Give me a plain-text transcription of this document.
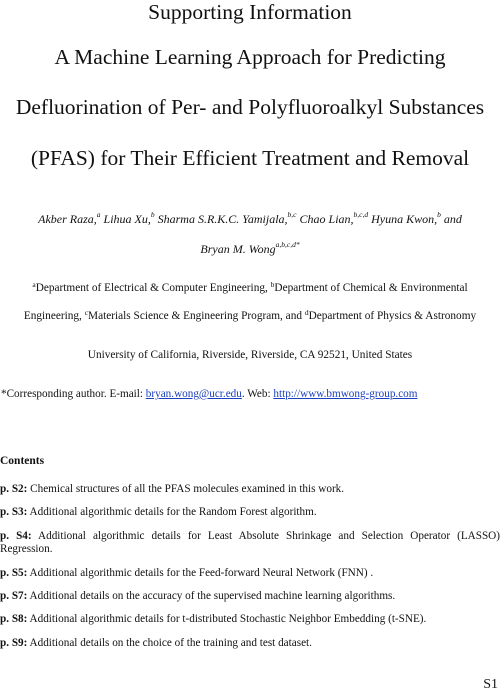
Supporting Information
A Machine Learning Approach for Predicting
Defluorination of Per- and Polyfluoroalkyl Substances
(PFAS) for Their Efficient Treatment and Removal
Akber Raza,$^a$ Lihua Xu,$^b$ Sharma S.R.K.C. Yamijala,$^{b,c}$ Chao Lian,$^{b,c,d}$ Hyuna Kwon,$^b$ and
Bryan M. Wong$^{a,b,c,d*}$
$^a$Department of Electrical & Computer Engineering, $^b$Department of Chemical & Environmental
Engineering, $^c$Materials Science & Engineering Program, and $^d$Department of Physics & Astronomy
University of California, Riverside, Riverside, CA 92521, United States
*Corresponding author. E-mail: bryan.wong@ucr.edu. Web: http://www.bmwong-group.com
Contents
p. S2: Chemical structures of all the PFAS molecules examined in this work.
p. S3: Additional algorithmic details for the Random Forest algorithm.
p. S4: Additional algorithmic details for Least Absolute Shrinkage and Selection Operator (LASSO)
Regression.
p. S5: Additional algorithmic details for the Feed-forward Neural Network (FNN) .
p. S7: Additional details on the accuracy of the supervised machine learning algorithms.
p. S8: Additional algorithmic details for t-distributed Stochastic Neighbor Embedding (t-SNE).
p. S9: Additional details on the choice of the training and test dataset.
S1
